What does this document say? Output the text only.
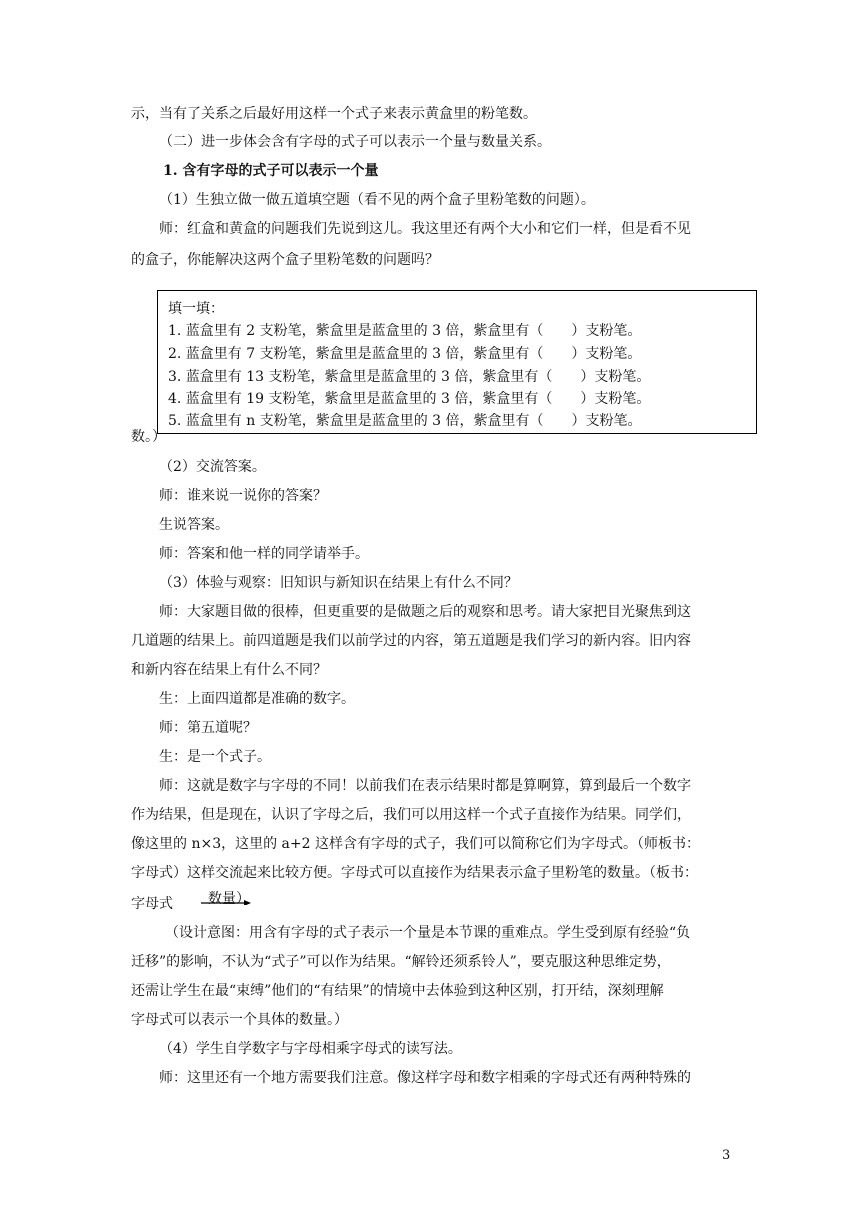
示，当有了关系之后最好用这样一个式子来表示黄盒里的粉笔数。
（二）进一步体会含有字母的式子可以表示一个量与数量关系。
1. 含有字母的式子可以表示一个量
（1）生独立做一做五道填空题（看不见的两个盒子里粉笔数的问题）。
师：红盒和黄盒的问题我们先说到这儿。我这里还有两个大小和它们一样，但是看不见
的盒子，你能解决这两个盒子里粉笔数的问题吗？
填一填：
1. 蓝盒里有 2 支粉笔，紫盒里是蓝盒里的 3 倍，紫盒里有（　　）支粉笔。
2. 蓝盒里有 7 支粉笔，紫盒里是蓝盒里的 3 倍，紫盒里有（　　）支粉笔。
3. 蓝盒里有 13 支粉笔，紫盒里是蓝盒里的 3 倍，紫盒里有（　　）支粉笔。
4. 蓝盒里有 19 支粉笔，紫盒里是蓝盒里的 3 倍，紫盒里有（　　）支粉笔。
5. 蓝盒里有 n 支粉笔，紫盒里是蓝盒里的 3 倍，紫盒里有（　　）支粉笔。
数。）
（2）交流答案。
师：谁来说一说你的答案？
生说答案。
师：答案和他一样的同学请举手。
（3）体验与观察：旧知识与新知识在结果上有什么不同？
师：大家题目做的很棒，但更重要的是做题之后的观察和思考。请大家把目光聚焦到这
几道题的结果上。前四道题是我们以前学过的内容，第五道题是我们学习的新内容。旧内容
和新内容在结果上有什么不同？
生：上面四道都是准确的数字。
师：第五道呢？
生：是一个式子。
师：这就是数字与字母的不同！以前我们在表示结果时都是算啊算，算到最后一个数字
作为结果，但是现在，认识了字母之后，我们可以用这样一个式子直接作为结果。同学们，
像这里的 n×3，这里的 a+2 这样含有字母的式子，我们可以简称它们为字母式。（师板书：
字母式）这样交流起来比较方便。字母式可以直接作为结果表示盒子里粉笔的数量。（板书：
字母式	数量）
（设计意图：用含有字母的式子表示一个量是本节课的重难点。学生受到原有经验“负
迁移”的影响，不认为“式子”可以作为结果。“解铃还须系铃人”，要克服这种思维定势，
还需让学生在最“束缚”他们的“有结果”的情境中去体验到这种区别，打开结，深刻理解
字母式可以表示一个具体的数量。）
（4）学生自学数字与字母相乘字母式的读写法。
师：这里还有一个地方需要我们注意。像这样字母和数字相乘的字母式还有两种特殊的
3
